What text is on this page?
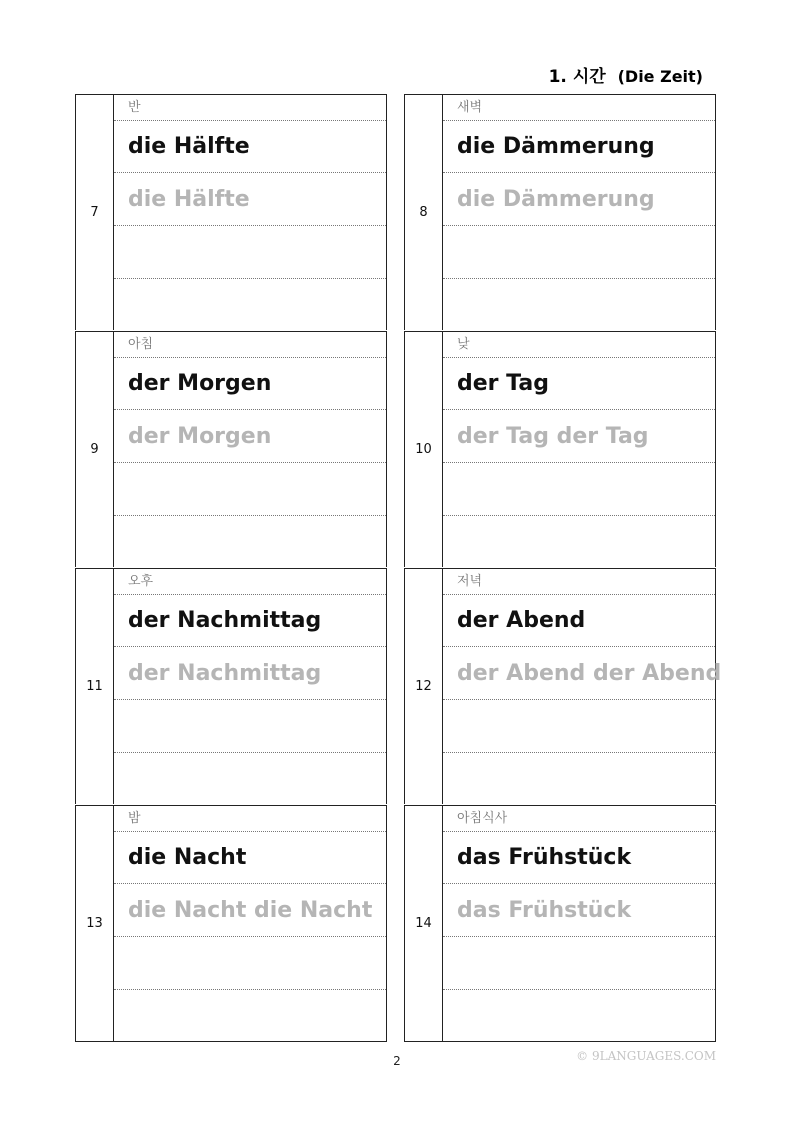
1. 시간 (Die Zeit)
7
반
die Hälfte
die Hälfte
8
새벽
die Dämmerung
die Dämmerung
9
아침
der Morgen
der Morgen
10
낮
der Tag
der Tag der Tag
11
오후
der Nachmittag
der Nachmittag
12
저녁
der Abend
der Abend der Abend
13
밤
die Nacht
die Nacht die Nacht
14
아침식사
das Frühstück
das Frühstück
2	© 9LANGUAGES.COM
